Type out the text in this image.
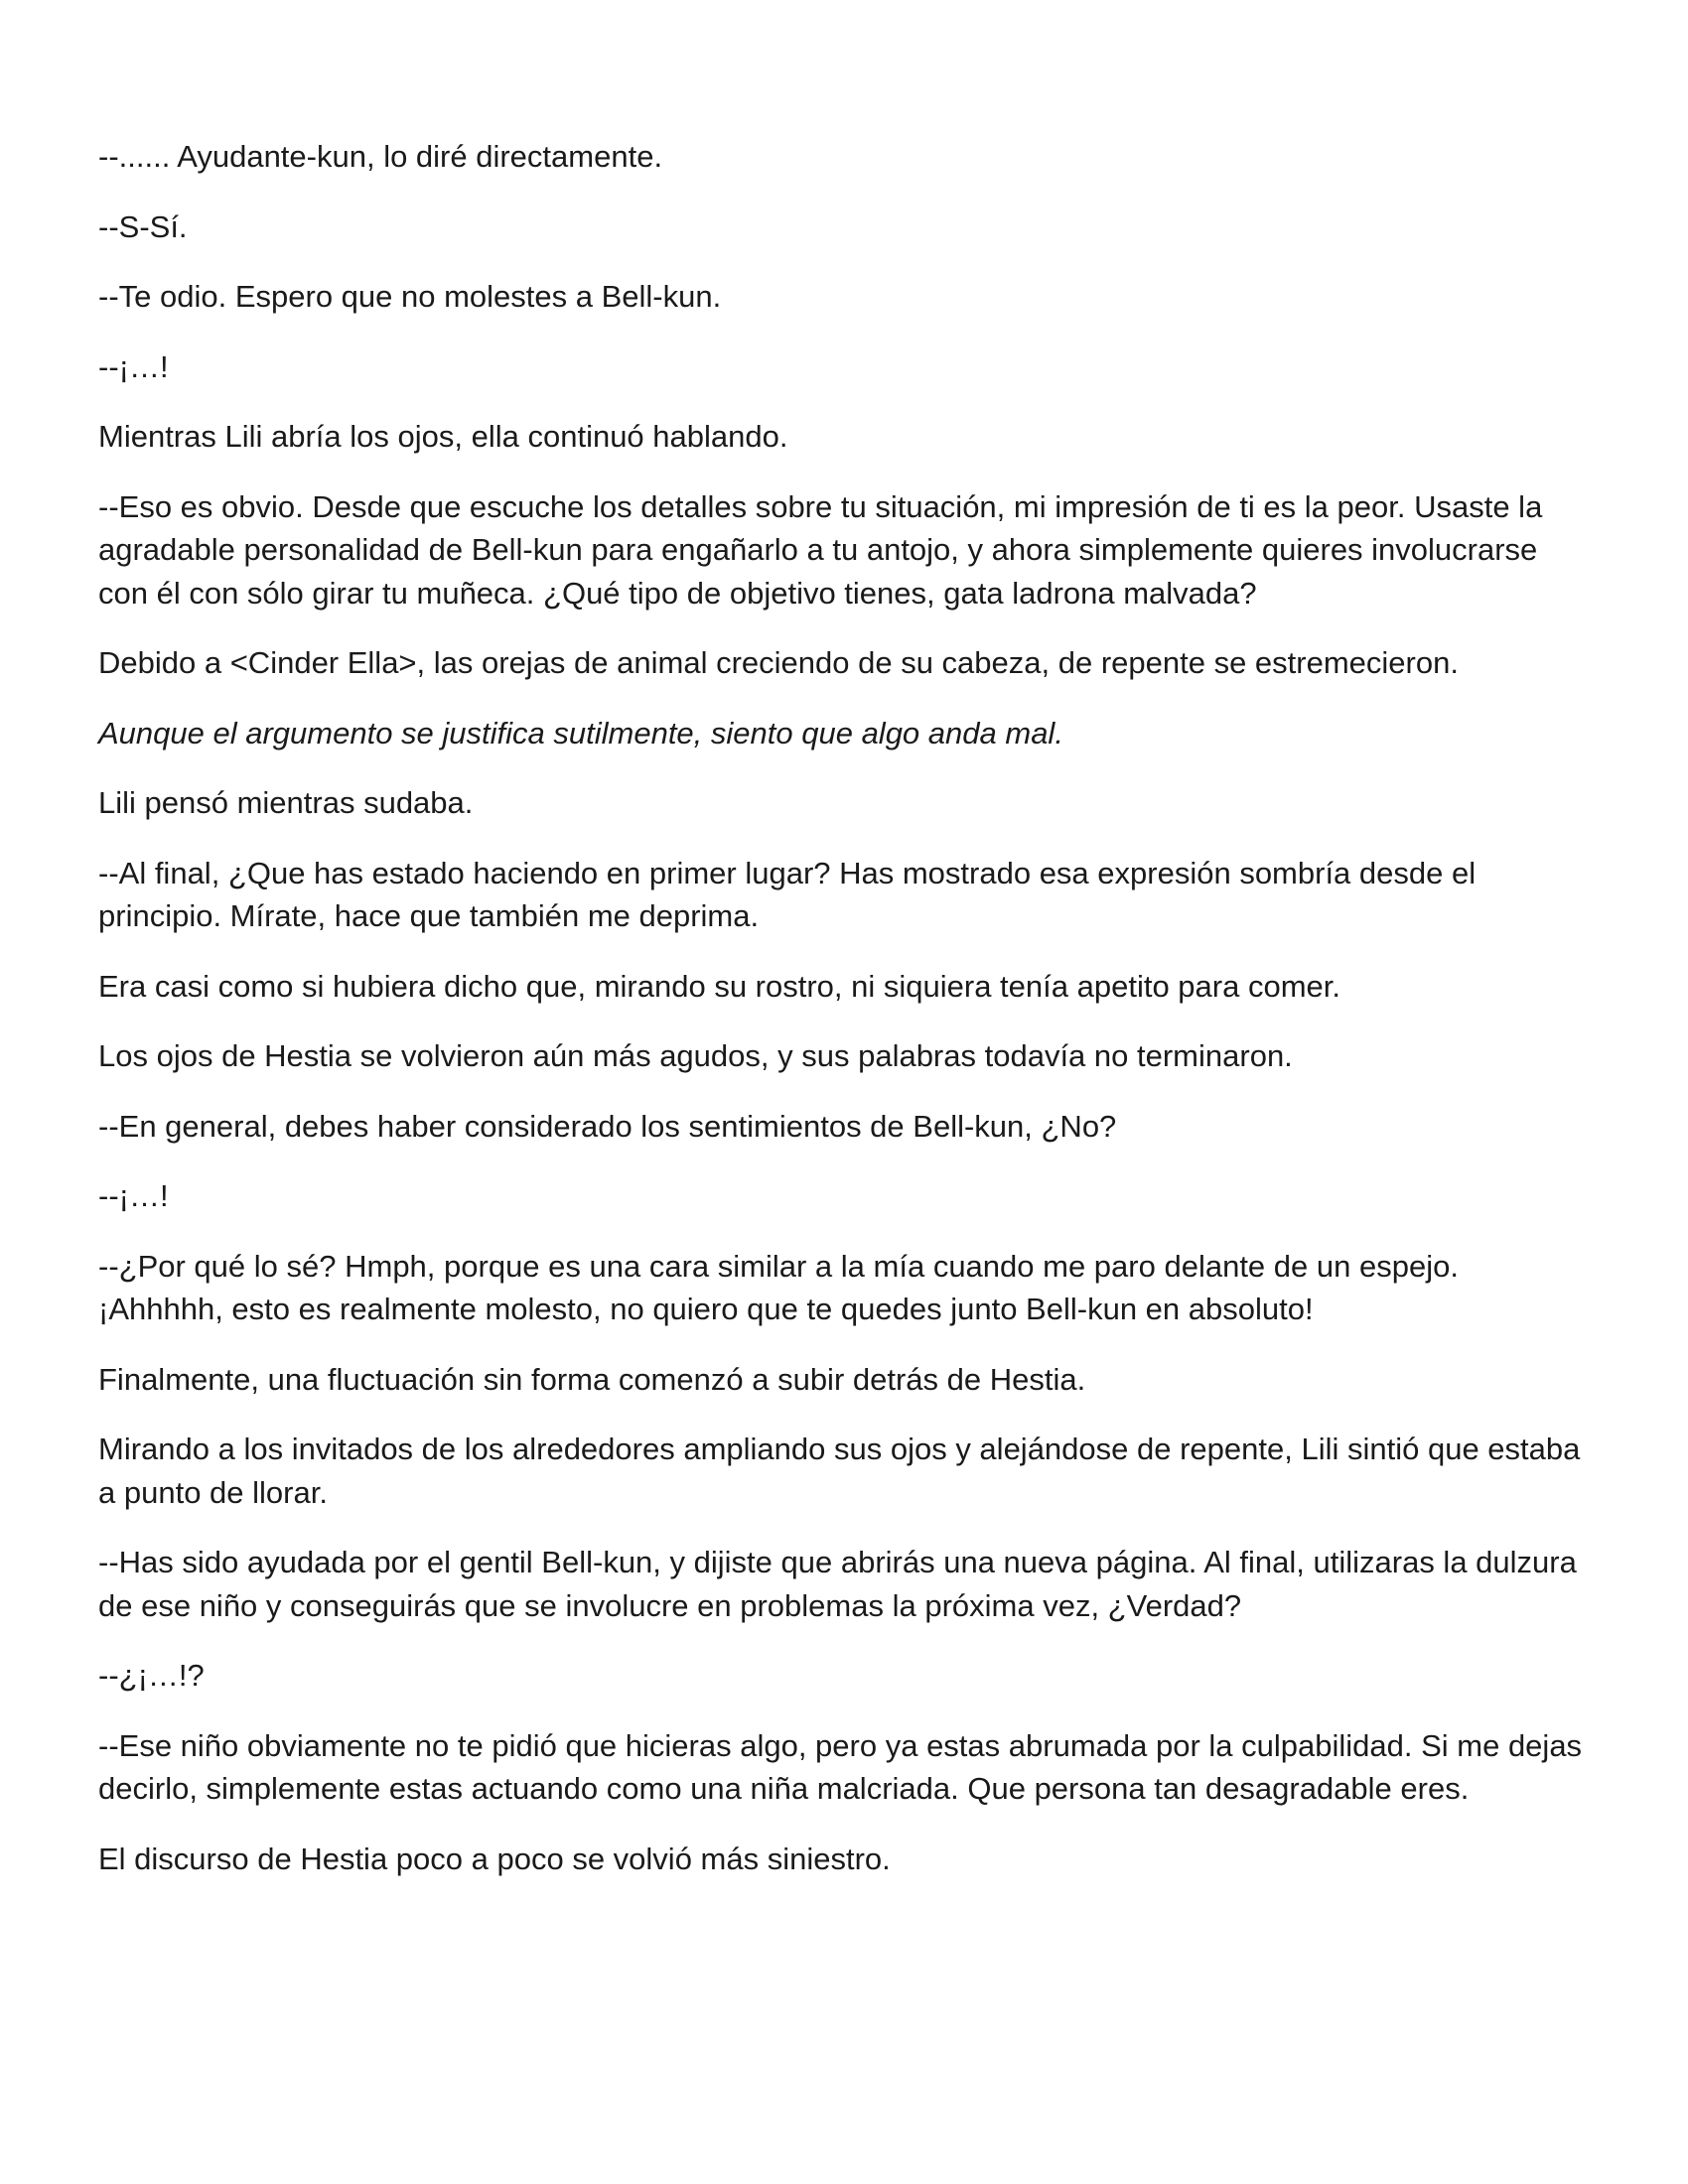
--...... Ayudante-kun, lo diré directamente.

--S-Sí.

--Te odio. Espero que no molestes a Bell-kun.

--¡…!

Mientras Lili abría los ojos, ella continuó hablando.

--Eso es obvio. Desde que escuche los detalles sobre tu situación, mi impresión de ti es la peor. Usaste la agradable personalidad de Bell-kun para engañarlo a tu antojo, y ahora simplemente quieres involucrarse con él con sólo girar tu muñeca. ¿Qué tipo de objetivo tienes, gata ladrona malvada?

Debido a <Cinder Ella>, las orejas de animal creciendo de su cabeza, de repente se estremecieron.

Aunque el argumento se justifica sutilmente, siento que algo anda mal.

Lili pensó mientras sudaba.

--Al final, ¿Que has estado haciendo en primer lugar? Has mostrado esa expresión sombría desde el principio. Mírate, hace que también me deprima.

Era casi como si hubiera dicho que, mirando su rostro, ni siquiera tenía apetito para comer.

Los ojos de Hestia se volvieron aún más agudos, y sus palabras todavía no terminaron.

--En general, debes haber considerado los sentimientos de Bell-kun, ¿No?

--¡…!

--¿Por qué lo sé? Hmph, porque es una cara similar a la mía cuando me paro delante de un espejo. ¡Ahhhhh, esto es realmente molesto, no quiero que te quedes junto Bell-kun en absoluto!

Finalmente, una fluctuación sin forma comenzó a subir detrás de Hestia.

Mirando a los invitados de los alrededores ampliando sus ojos y alejándose de repente, Lili sintió que estaba a punto de llorar.

--Has sido ayudada por el gentil Bell-kun, y dijiste que abrirás una nueva página. Al final, utilizaras la dulzura de ese niño y conseguirás que se involucre en problemas la próxima vez, ¿Verdad?

--¿¡…!?

--Ese niño obviamente no te pidió que hicieras algo, pero ya estas abrumada por la culpabilidad. Si me dejas decirlo, simplemente estas actuando como una niña malcriada. Que persona tan desagradable eres.

El discurso de Hestia poco a poco se volvió más siniestro.
